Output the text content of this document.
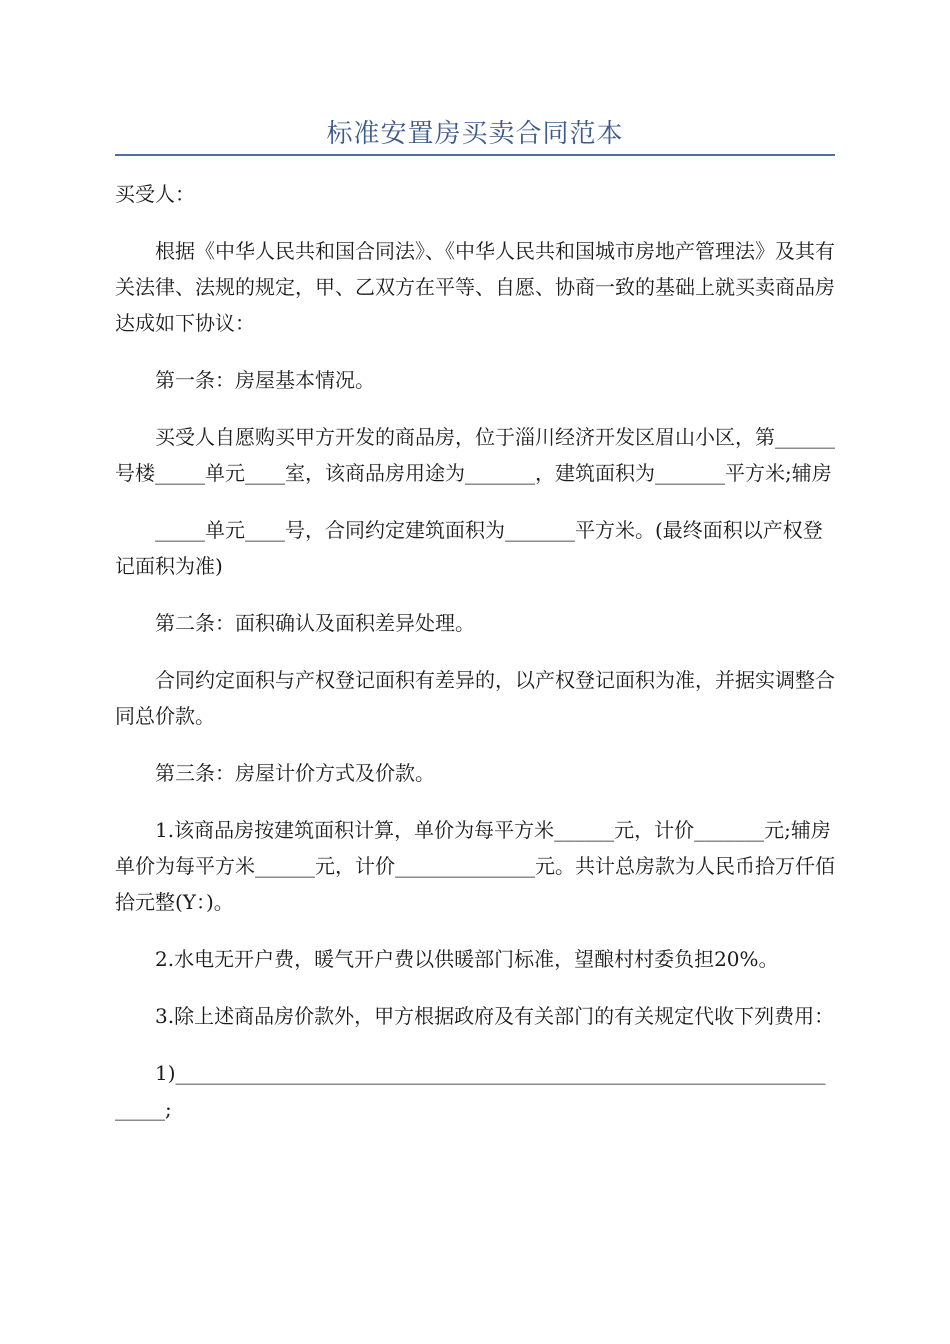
标准安置房买卖合同范本

买受人：

根据《中华人民共和国合同法》、《中华人民共和国城市房地产管理法》及其有关法律、法规的规定，甲、乙双方在平等、自愿、协商一致的基础上就买卖商品房达成如下协议：

第一条：房屋基本情况。

买受人自愿购买甲方开发的商品房，位于淄川经济开发区眉山小区，第______号楼_____单元____室，该商品房用途为_______，建筑面积为_______平方米;辅房

_____单元____号，合同约定建筑面积为_______平方米。(最终面积以产权登记面积为准)

第二条：面积确认及面积差异处理。

合同约定面积与产权登记面积有差异的，以产权登记面积为准，并据实调整合同总价款。

第三条：房屋计价方式及价款。

1.该商品房按建筑面积计算，单价为每平方米______元，计价_______元;辅房单价为每平方米______元，计价______________元。共计总房款为人民币拾万仟佰拾元整(Y：)。

2.水电无开户费，暖气开户费以供暖部门标准，望酿村村委负担20%。

3.除上述商品房价款外，甲方根据政府及有关部门的有关规定代收下列费用：

1)______________________________________________________________________;
